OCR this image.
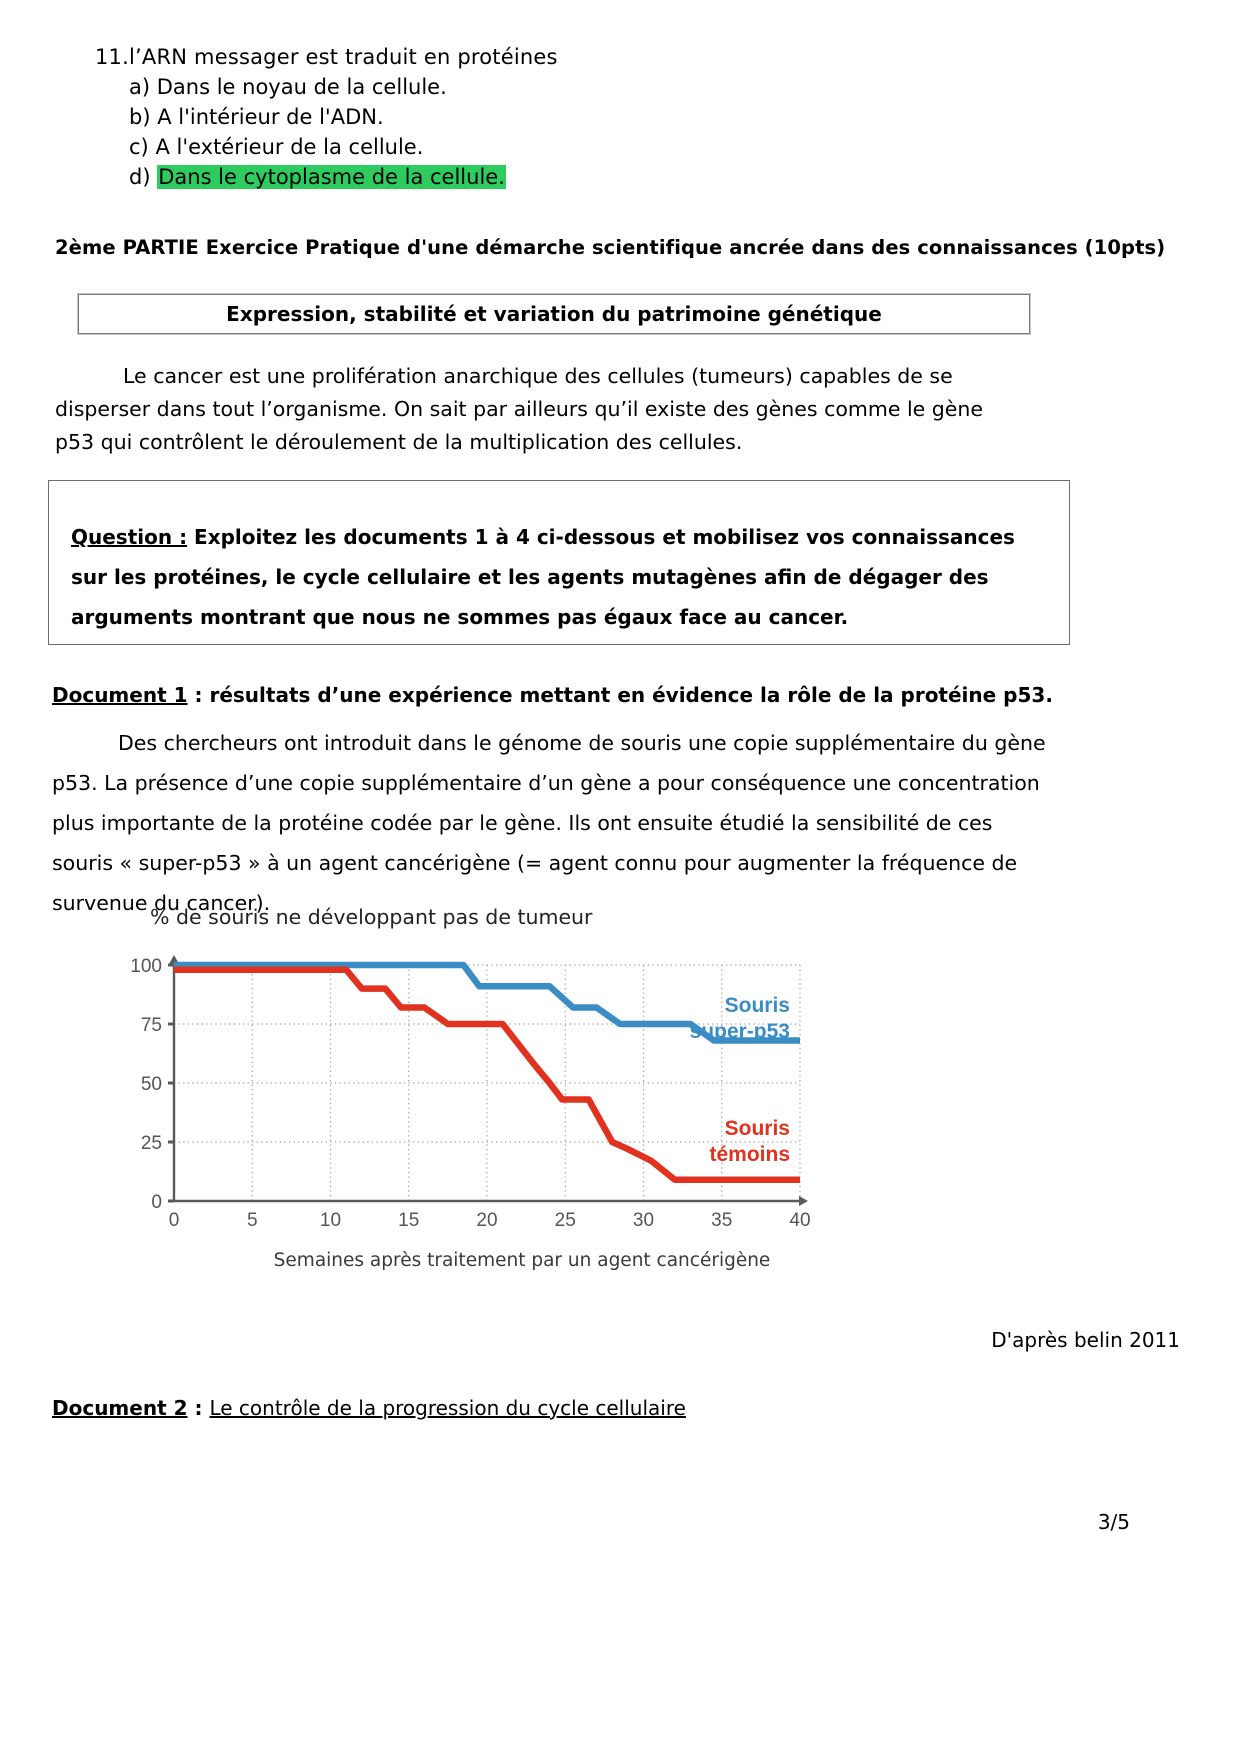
11.l’ARN messager est traduit en protéines
a) Dans le noyau de la cellule.
b) A l'intérieur de l'ADN.
c) A l'extérieur de la cellule.
d) Dans le cytoplasme de la cellule.
2ème PARTIE Exercice Pratique d'une démarche scientifique ancrée dans des connaissances (10pts)
Expression, stabilité et variation du patrimoine génétique
Le cancer est une prolifération anarchique des cellules (tumeurs) capables de se disperser dans tout l’organisme. On sait par ailleurs qu’il existe des gènes comme le gène p53 qui contrôlent le déroulement de la multiplication des cellules.
Question : Exploitez les documents 1 à 4 ci-dessous et mobilisez vos connaissances sur les protéines, le cycle cellulaire et les agents mutagènes afin de dégager des arguments montrant que nous ne sommes pas égaux face au cancer.
Document 1 : résultats d’une expérience mettant en évidence la rôle de la protéine p53.
Des chercheurs ont introduit dans le génome de souris une copie supplémentaire du gène p53. La présence d’une copie supplémentaire d’un gène a pour conséquence une concentration plus importante de la protéine codée par le gène. Ils ont ensuite étudié la sensibilité de ces souris « super-p53 » à un agent cancérigène (= agent connu pour augmenter la fréquence de survenue du cancer).
% de souris ne développant pas de tumeur
0
25
50
75
100
0	5	10	15	20	25	30	35	40
Souris
super-p53
Souris
témoins
Semaines après traitement par un agent cancérigène
D'après belin 2011
Document 2 : Le contrôle de la progression du cycle cellulaire
3/5
